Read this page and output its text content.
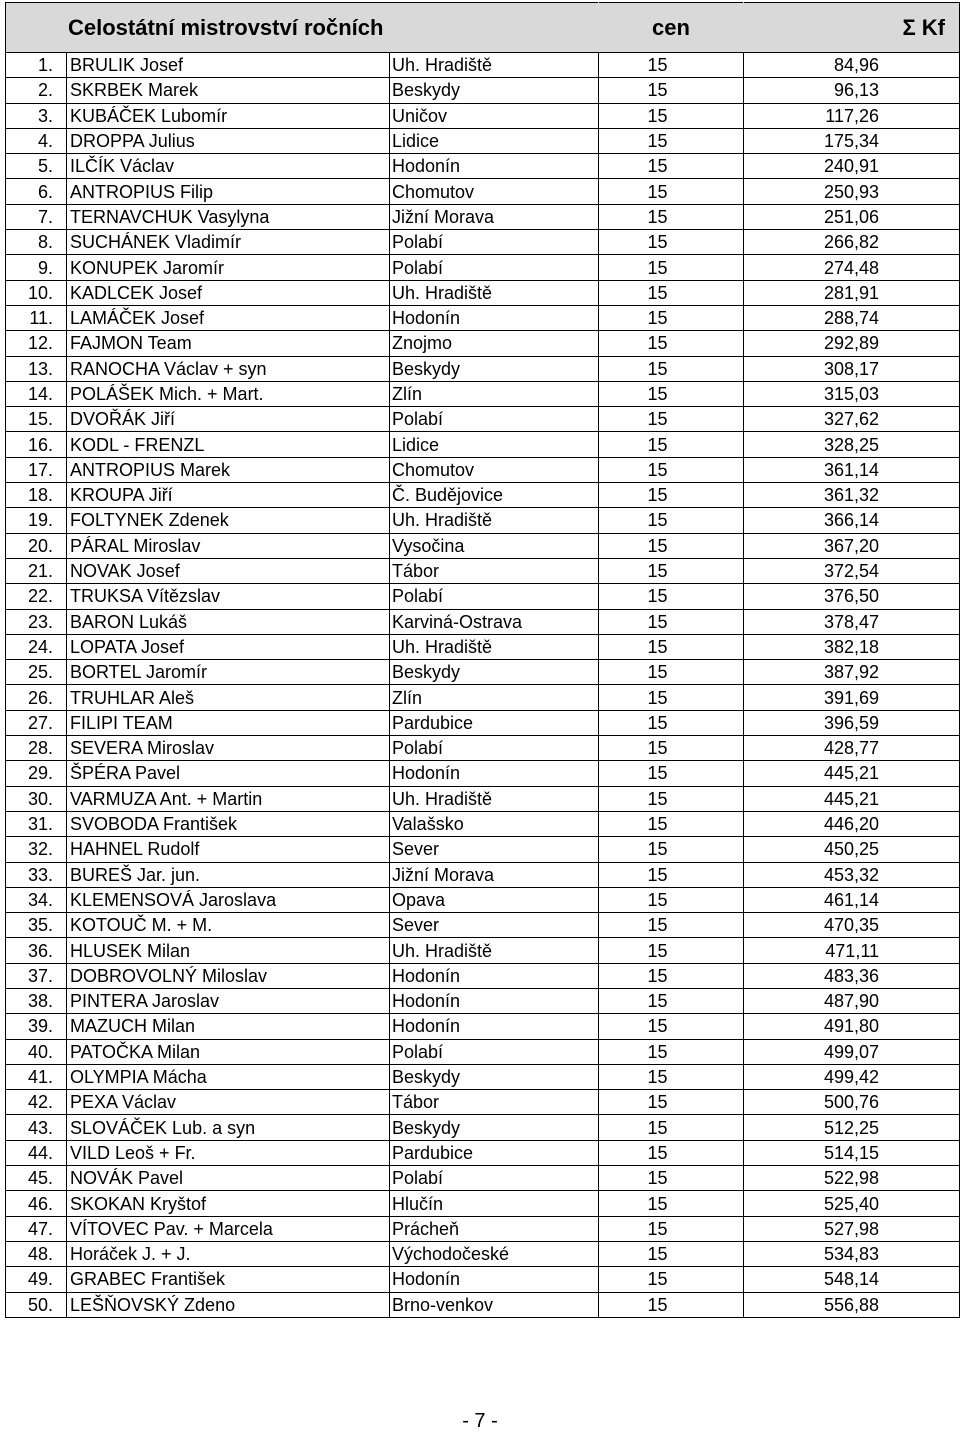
Celostátní mistrovství ročních			cen	Σ Kf
1.	BRULIK Josef	Uh. Hradiště	15	84,96
2.	SKRBEK Marek	Beskydy	15	96,13
3.	KUBÁČEK Lubomír	Uničov	15	117,26
4.	DROPPA Julius	Lidice	15	175,34
5.	ILČÍK Václav	Hodonín	15	240,91
6.	ANTROPIUS Filip	Chomutov	15	250,93
7.	TERNAVCHUK Vasylyna	Jižní Morava	15	251,06
8.	SUCHÁNEK Vladimír	Polabí	15	266,82
9.	KONUPEK Jaromír	Polabí	15	274,48
10.	KADLCEK Josef	Uh. Hradiště	15	281,91
11.	LAMÁČEK Josef	Hodonín	15	288,74
12.	FAJMON Team	Znojmo	15	292,89
13.	RANOCHA Václav + syn	Beskydy	15	308,17
14.	POLÁŠEK Mich. + Mart.	Zlín	15	315,03
15.	DVOŘÁK Jiří	Polabí	15	327,62
16.	KODL - FRENZL	Lidice	15	328,25
17.	ANTROPIUS Marek	Chomutov	15	361,14
18.	KROUPA Jiří	Č. Budějovice	15	361,32
19.	FOLTYNEK Zdenek	Uh. Hradiště	15	366,14
20.	PÁRAL Miroslav	Vysočina	15	367,20
21.	NOVAK Josef	Tábor	15	372,54
22.	TRUKSA Vítězslav	Polabí	15	376,50
23.	BARON Lukáš	Karviná-Ostrava	15	378,47
24.	LOPATA Josef	Uh. Hradiště	15	382,18
25.	BORTEL Jaromír	Beskydy	15	387,92
26.	TRUHLAR Aleš	Zlín	15	391,69
27.	FILIPI TEAM	Pardubice	15	396,59
28.	SEVERA Miroslav	Polabí	15	428,77
29.	ŠPÉRA Pavel	Hodonín	15	445,21
30.	VARMUZA Ant. + Martin	Uh. Hradiště	15	445,21
31.	SVOBODA František	Valašsko	15	446,20
32.	HAHNEL Rudolf	Sever	15	450,25
33.	BUREŠ Jar. jun.	Jižní Morava	15	453,32
34.	KLEMENSOVÁ Jaroslava	Opava	15	461,14
35.	KOTOUČ M. + M.	Sever	15	470,35
36.	HLUSEK Milan	Uh. Hradiště	15	471,11
37.	DOBROVOLNÝ Miloslav	Hodonín	15	483,36
38.	PINTERA Jaroslav	Hodonín	15	487,90
39.	MAZUCH Milan	Hodonín	15	491,80
40.	PATOČKA Milan	Polabí	15	499,07
41.	OLYMPIA Mácha	Beskydy	15	499,42
42.	PEXA Václav	Tábor	15	500,76
43.	SLOVÁČEK Lub. a syn	Beskydy	15	512,25
44.	VILD Leoš + Fr.	Pardubice	15	514,15
45.	NOVÁK Pavel	Polabí	15	522,98
46.	SKOKAN Kryštof	Hlučín	15	525,40
47.	VÍTOVEC Pav. + Marcela	Prácheň	15	527,98
48.	Horáček J. + J.	Východočeské	15	534,83
49.	GRABEC František	Hodonín	15	548,14
50.	LEŠŇOVSKÝ Zdeno	Brno-venkov	15	556,88
- 7 -
